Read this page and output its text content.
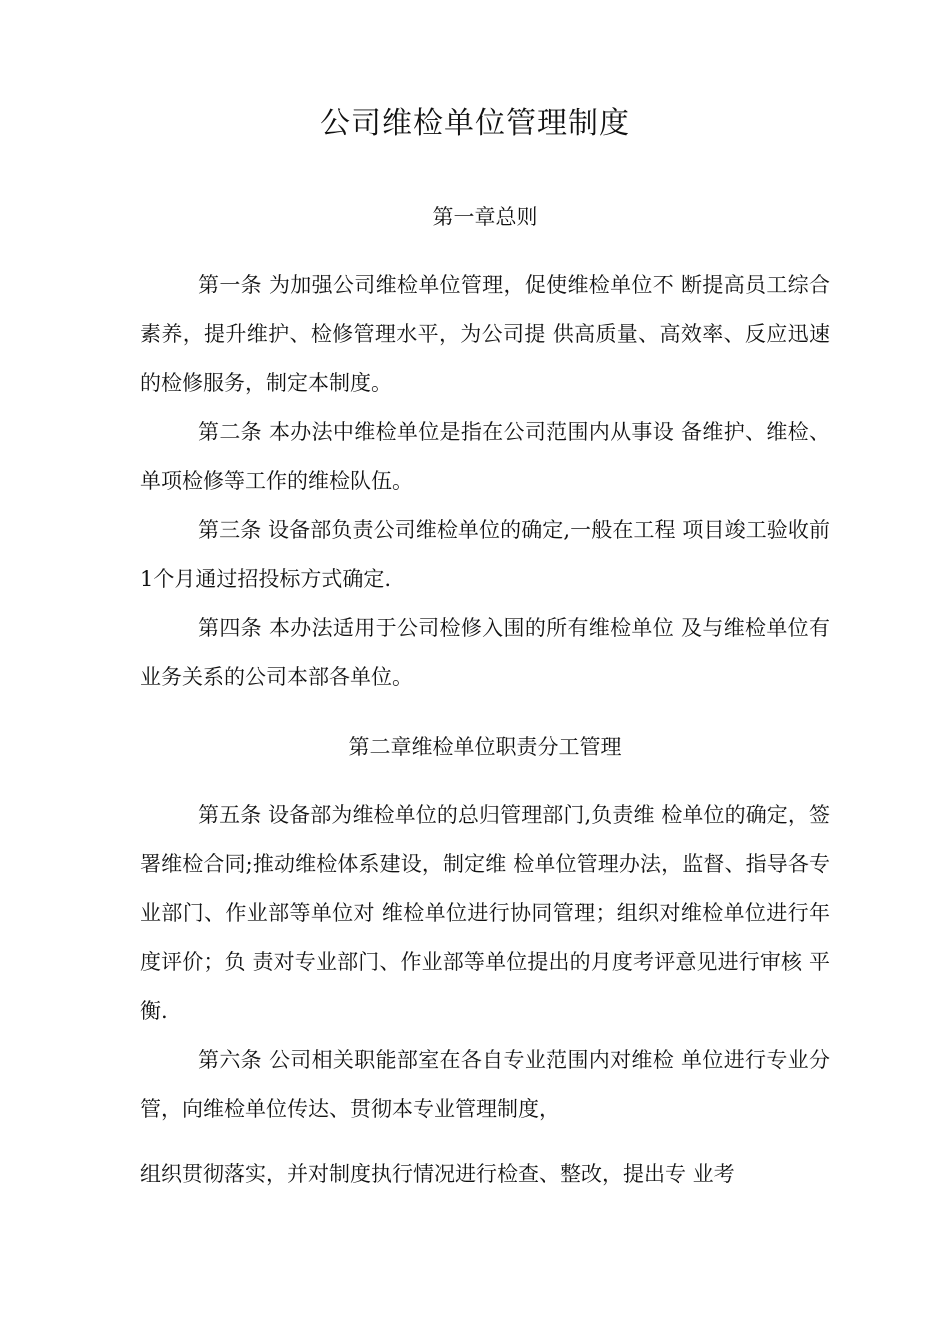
公司维检单位管理制度
第一章总则

第一条 为加强公司维检单位管理，促使维检单位不 断提高员工综合素养，提升维护、检修管理水平，为公司提 供高质量、高效率、反应迅速的检修服务，制定本制度。

第二条 本办法中维检单位是指在公司范围内从事设 备维护、维检、单项检修等工作的维检队伍。

第三条 设备部负责公司维检单位的确定,一般在工程 项目竣工验收前1个月通过招投标方式确定.

第四条 本办法适用于公司检修入围的所有维检单位 及与维检单位有业务关系的公司本部各单位。

第二章维检单位职责分工管理

第五条 设备部为维检单位的总归管理部门,负责维 检单位的确定，签署维检合同;推动维检体系建设，制定维 检单位管理办法，监督、指导各专业部门、作业部等单位对 维检单位进行协同管理；组织对维检单位进行年度评价；负 责对专业部门、作业部等单位提出的月度考评意见进行审核 平衡.

第六条 公司相关职能部室在各自专业范围内对维检 单位进行专业分管，向维检单位传达、贯彻本专业管理制度，

组织贯彻落实，并对制度执行情况进行检查、整改，提出专 业考
